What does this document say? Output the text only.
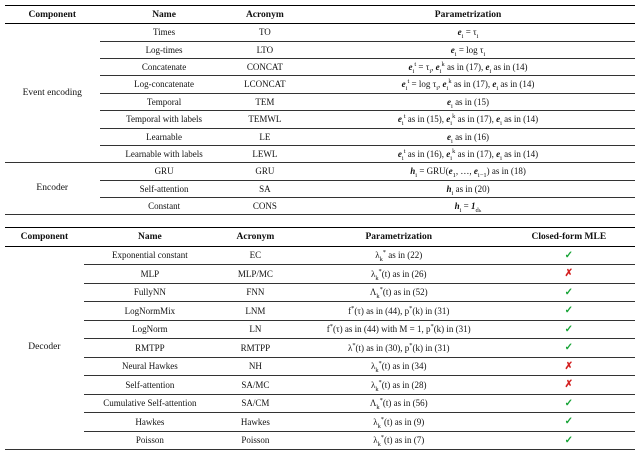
Component	Name	Acronym	Parametrization
Event encoding	Times	TO	$e_i = \tau_i$
	Log-times	LTO	$e_i = \log \tau_i$
	Concatenate	CONCAT	$e_i^t = \tau_i$, $e_i^k$ as in (17), $e_i$ as in (14)
	Log-concatenate	LCONCAT	$e_i^t = \log \tau_i$, $e_i^k$ as in (17), $e_i$ as in (14)
	Temporal	TEM	$e_i$ as in (15)
	Temporal with labels	TEMWL	$e_i^t$ as in (15), $e_i^k$ as in (17), $e_i$ as in (14)
	Learnable	LE	$e_i$ as in (16)
	Learnable with labels	LEWL	$e_i^t$ as in (16), $e_i^k$ as in (17), $e_i$ as in (14)
Encoder	GRU	GRU	$h_i = GRU(e_1$, …, $e_{i-1}$) as in (18)
	Self-attention	SA	$h_i$ as in (20)
	Constant	CONS	$h_i = 1_{d_h}$
Component	Name	Acronym	Parametrization	Closed-form MLE
Decoder	Exponential constant	EC	$\lambda_k^*$ as in (22)	✓
	MLP	MLP/MC	$\lambda_k^*(t)$ as in (26)	✗
	FullyNN	FNN	$\Lambda_k^*(t)$ as in (52)	✓
	LogNormMix	LNM	f*(τ) as in (44), p*(k) in (31)	✓
	LogNorm	LN	f*(τ) as in (44) with M = 1, p*(k) in (31)	✓
	RMTPP	RMTPP	λ*(t) as in (30), p*(k) in (31)	✓
	Neural Hawkes	NH	$\lambda_k^*(t)$ as in (34)	✗
	Self-attention	SA/MC	$\lambda_k^*(t)$ as in (28)	✗
	Cumulative Self-attention	SA/CM	$\Lambda_k^*(t)$ as in (56)	✓
	Hawkes	Hawkes	$\lambda_k^*(t)$ as in (9)	✓
	Poisson	Poisson	$\lambda_k^*(t)$ as in (7)	✓
